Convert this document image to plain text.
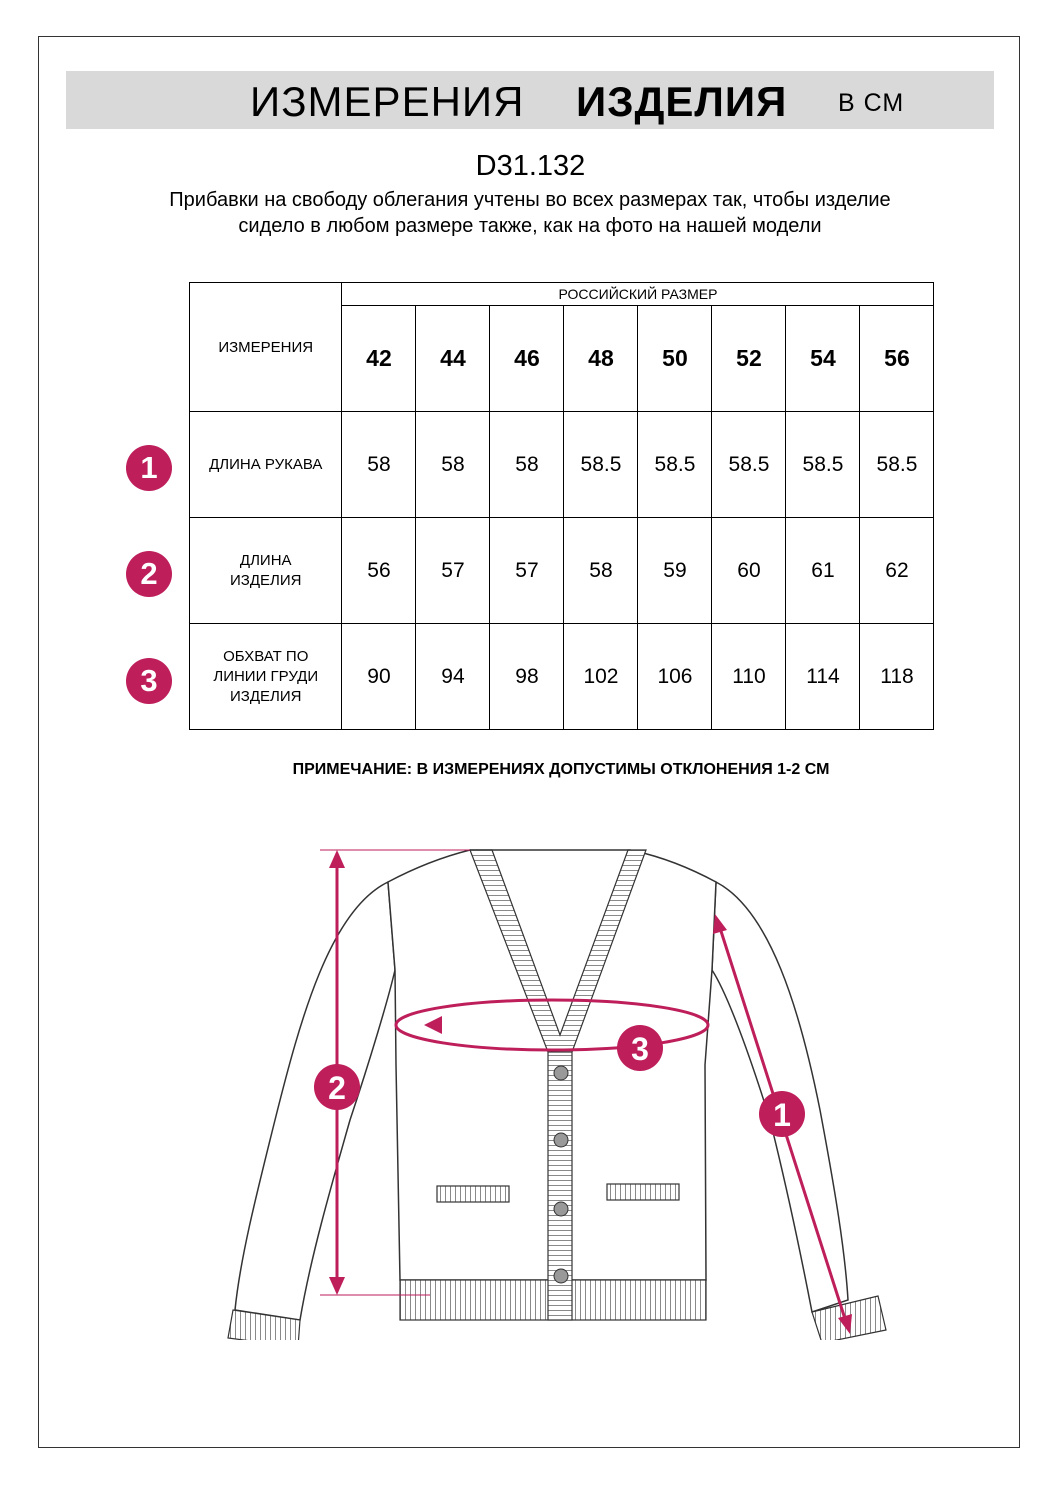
ИЗМЕРЕНИЯ ИЗДЕЛИЯ В СМ
D31.132
Прибавки на свободу облегания учтены во всех размерах так, чтобы изделие сидело в любом размере также, как на фото на нашей модели
ИЗМЕРЕНИЯ	РОССИЙСКИЙ РАЗМЕР							
	42	44	46	48	50	52	54	56
ДЛИНА РУКАВА	58	58	58	58.5	58.5	58.5	58.5	58.5
ДЛИНА ИЗДЕЛИЯ	56	57	57	58	59	60	61	62
ОБХВАТ ПО ЛИНИИ ГРУДИ ИЗДЕЛИЯ	90	94	98	102	106	110	114	118
1
2
3
ПРИМЕЧАНИЕ: В ИЗМЕРЕНИЯХ ДОПУСТИМЫ ОТКЛОНЕНИЯ 1-2 СМ
2
1
3
